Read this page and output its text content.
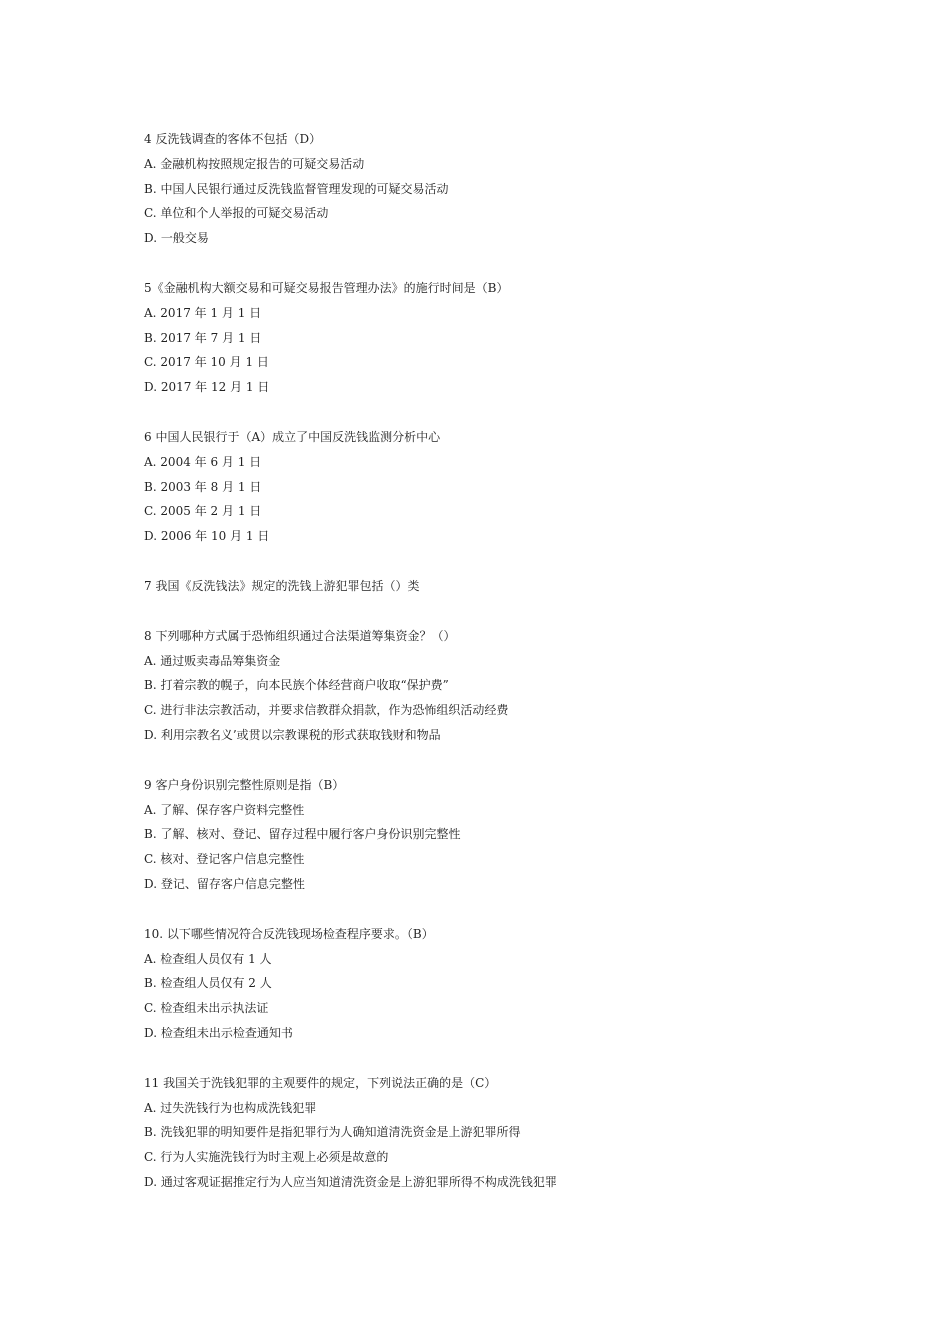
4 反洗钱调查的客体不包括（D）
A. 金融机构按照规定报告的可疑交易活动
B. 中国人民银行通过反洗钱监督管理发现的可疑交易活动
C. 单位和个人举报的可疑交易活动
D. 一般交易
5《金融机构大额交易和可疑交易报告管理办法》的施行时间是（B）
A. 2017 年 1 月 1 日
B. 2017 年 7 月 1 日
C. 2017 年 10 月 1 日
D. 2017 年 12 月 1 日
6 中国人民银行于（A）成立了中国反洗钱监测分析中心
A. 2004 年 6 月 1 日
B. 2003 年 8 月 1 日
C. 2005 年 2 月 1 日
D. 2006 年 10 月 1 日
7 我国《反洗钱法》规定的洗钱上游犯罪包括（）类
8 下列哪种方式属于恐怖组织通过合法渠道筹集资金？（）
A. 通过贩卖毒品筹集资金
B. 打着宗教的幌子，向本民族个体经营商户收取“保护费”
C. 进行非法宗教活动，并要求信教群众捐款，作为恐怖组织活动经费
D. 利用宗教名义’或贯以宗教课税的形式获取钱财和物品
9 客户身份识别完整性原则是指（B）
A. 了解、保存客户资料完整性
B. 了解、核对、登记、留存过程中履行客户身份识别完整性
C. 核对、登记客户信息完整性
D. 登记、留存客户信息完整性
10. 以下哪些情况符合反洗钱现场检查程序要求。（B）
A. 检查组人员仅有 1 人
B. 检查组人员仅有 2 人
C. 检查组未出示执法证
D. 检查组未出示检查通知书
11 我国关于洗钱犯罪的主观要件的规定，下列说法正确的是（C）
A. 过失洗钱行为也构成洗钱犯罪
B. 洗钱犯罪的明知要件是指犯罪行为人确知道清洗资金是上游犯罪所得
C. 行为人实施洗钱行为时主观上必须是故意的
D. 通过客观证据推定行为人应当知道清洗资金是上游犯罪所得不构成洗钱犯罪
